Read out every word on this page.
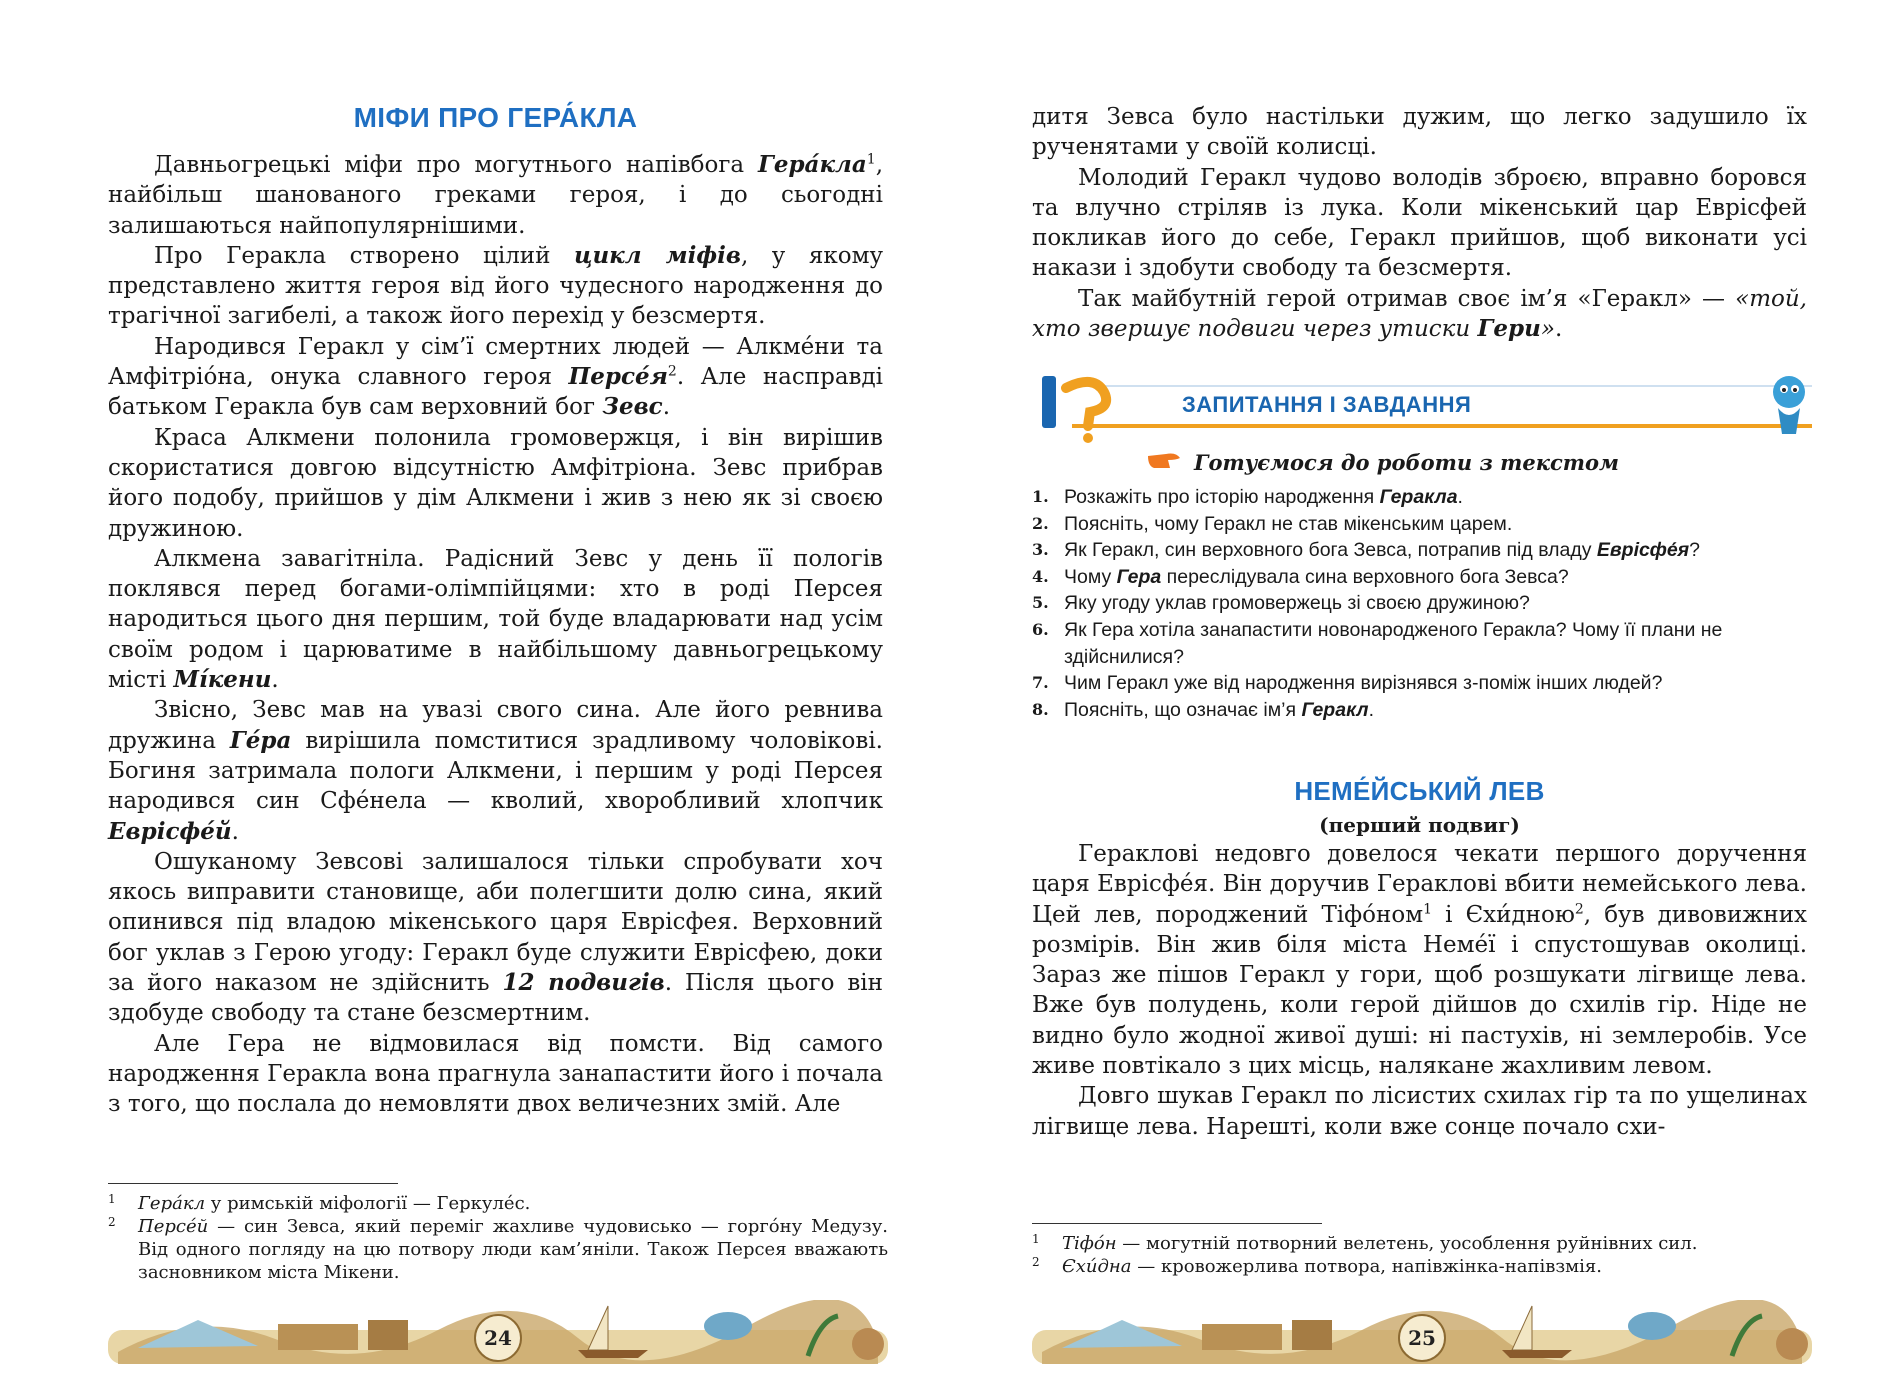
МІФИ ПРО ГЕРА́КЛА

Давньогрецькі міфи про могутнього напівбога Гера́кла$^1$, найбільш шанованого греками героя, і до сьогодні залишаються найпопулярнішими.

Про Геракла створено цілий цикл міфів, у якому представлено життя героя від його чудесного народження до трагічної загибелі, а також його перехід у безсмертя.

Народився Геракл у сім’ї смертних людей — Алкме́ни та Амфітріо́на, онука славного героя $Персе́я^2$. Але насправді батьком Геракла був сам верховний бог Зевс.

Краса Алкмени полонила громовержця, і він вирішив скористатися довгою відсутністю Амфітріона. Зевс прибрав його подобу, прийшов у дім Алкмени і жив з нею як зі своєю дружиною.

Алкмена завагітніла. Радісний Зевс у день її пологів поклявся перед богами-олімпійцями: хто в роді Персея народиться цього дня першим, той буде владарювати над усім своїм родом і царюватиме в найбільшому давньогрецькому місті Мі́кени.

Звісно, Зевс мав на увазі свого сина. Але його ревнива дружина Ге́ра вирішила помститися зрадливому чоловікові. Богиня затримала пологи Алкмени, і першим у роді Персея народився син Сфе́нела — кволий, хворобливий хлопчик Еврісфе́й.

Ошуканому Зевсові залишалося тільки спробувати хоч якось виправити становище, аби полегшити долю сина, який опинився під владою мікенського царя Еврісфея. Верховний бог уклав з Герою угоду: Геракл буде служити Еврісфею, доки за його наказом не здійснить 12 подвигів. Після цього він здобуде свободу та стане безсмертним.

Але Гера не відмовилася від помсти. Від самого народження Геракла вона прагнула занапастити його і почала з того, що послала до немовляти двох величезних змій. Але

1 Гера́кл у римській міфології — Геркуле́с.
2 Персе́й — син Зевса, який переміг жахливе чудовисько — горго́ну Медузу. Від одного погляду на цю потвору люди кам’яніли. Також Персея вважають засновником міста Мікени.
24

дитя Зевса було настільки дужим, що легко задушило їх рученятами у своїй колисці.

Молодий Геракл чудово володів зброєю, вправно боровся та влучно стріляв із лука. Коли мікенський цар Еврісфей покликав його до себе, Геракл прийшов, щоб виконати усі накази і здобути свободу та безсмертя.

Так майбутній герой отримав своє ім’я «Геракл» — «той, хто звершує подвиги через утиски Гери».

ЗАПИТАННЯ І ЗАВДАННЯ
Готуємося до роботи з текстом
1. Розкажіть про історію народження Геракла.
2. Поясніть, чому Геракл не став мікенським царем.
3. Як Геракл, син верховного бога Зевса, потрапив під владу Еврісфе́я?
4. Чому Гера переслідувала сина верховного бога Зевса?
5. Яку угоду уклав громовержець зі своєю дружиною?
6. Як Гера хотіла занапастити новонародженого Геракла? Чому її плани не здійснилися?
7. Чим Геракл уже від народження вирізнявся з-поміж інших людей?
8. Поясніть, що означає ім’я Геракл.
НЕМЕ́ЙСЬКИЙ ЛЕВ
(перший подвиг)

Гераклові недовго довелося чекати першого доручення царя Еврісфе́я. Він доручив Гераклові вбити немейського лева. Цей лев, породжений Тіфо́ном$^1$ і Єхи́дною$^2$, був дивовижних розмірів. Він жив біля міста Неме́ї і спустошував околиці. Зараз же пішов Геракл у гори, щоб розшукати лігвище лева. Вже був полудень, коли герой дійшов до схилів гір. Ніде не видно було жодної живої душі: ні пастухів, ні землеробів. Усе живе повтікало з цих місць, налякане жахливим левом.

Довго шукав Геракл по лісистих схилах гір та по ущелинах лігвище лева. Нарешті, коли вже сонце почало схи-

1 Тіфо́н — могутній потворний велетень, уособлення руйнівних сил.
2 Єхи́дна — кровожерлива потвора, напівжінка-напівзмія.
25
